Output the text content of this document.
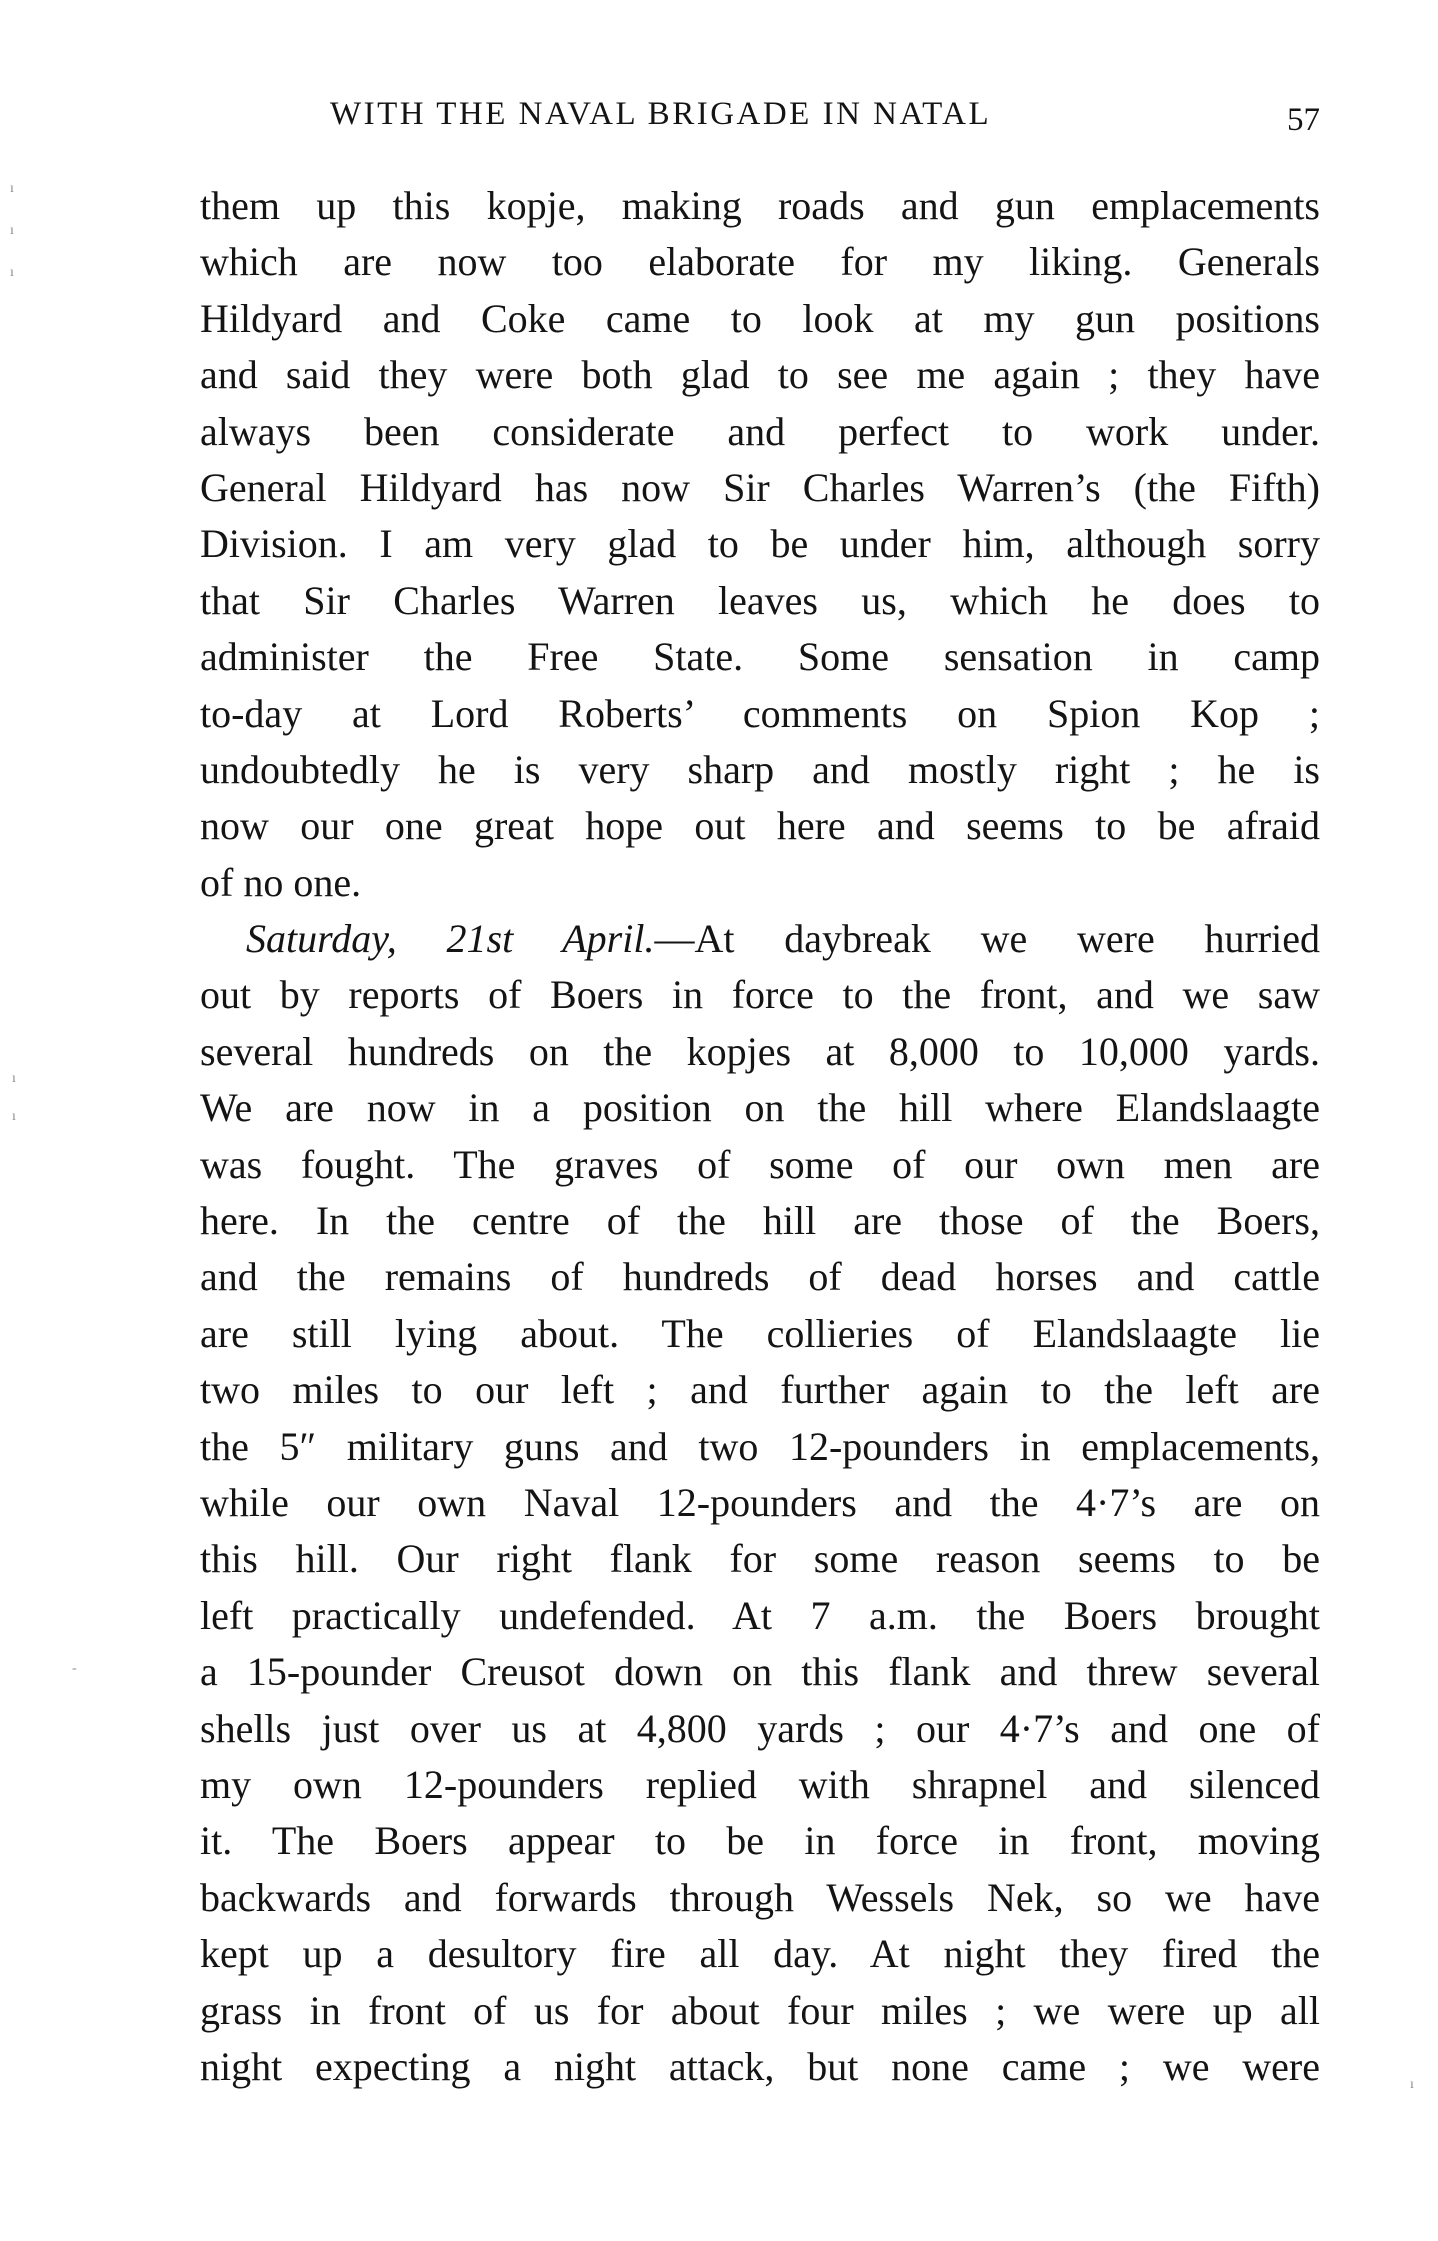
WITH THE NAVAL BRIGADE IN NATAL	57
them up this kopje, making roads and gun emplacements
which are now too elaborate for my liking. Generals
Hildyard and Coke came to look at my gun positions
and said they were both glad to see me again ; they have
always been considerate and perfect to work under.
General Hildyard has now Sir Charles Warren’s (the Fifth)
Division. I am very glad to be under him, although sorry
that Sir Charles Warren leaves us, which he does to
administer the Free State. Some sensation in camp
to-day at Lord Roberts’ comments on Spion Kop ;
undoubtedly he is very sharp and mostly right ; he is
now our one great hope out here and seems to be afraid
of no one.
Saturday, 21st April.—At daybreak we were hurried
out by reports of Boers in force to the front, and we saw
several hundreds on the kopjes at 8,000 to 10,000 yards.
We are now in a position on the hill where Elandslaagte
was fought. The graves of some of our own men are
here. In the centre of the hill are those of the Boers,
and the remains of hundreds of dead horses and cattle
are still lying about. The collieries of Elandslaagte lie
two miles to our left ; and further again to the left are
the 5″ military guns and two 12-pounders in emplacements,
while our own Naval 12-pounders and the 4·7’s are on
this hill. Our right flank for some reason seems to be
left practically undefended. At 7 a.m. the Boers brought
a 15-pounder Creusot down on this flank and threw several
shells just over us at 4,800 yards ; our 4·7’s and one of
my own 12-pounders replied with shrapnel and silenced
it. The Boers appear to be in force in front, moving
backwards and forwards through Wessels Nek, so we have
kept up a desultory fire all day. At night they fired the
grass in front of us for about four miles ; we were up all
night expecting a night attack, but none came ; we were
ı
ı
ı
ı
ı
-
ı
